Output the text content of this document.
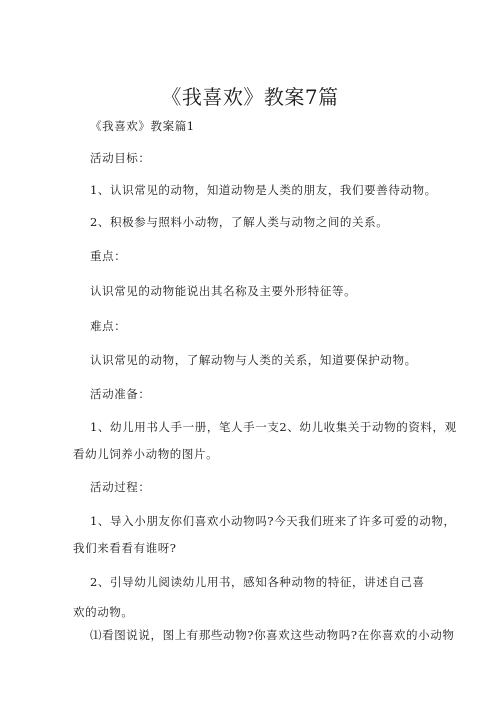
《我喜欢》教案7篇
《我喜欢》教案篇1
活动目标：
1、认识常见的动物，知道动物是人类的朋友，我们要善待动物。
2、积极参与照料小动物，了解人类与动物之间的关系。
重点：
认识常见的动物能说出其名称及主要外形特征等。
难点：
认识常见的动物，了解动物与人类的关系，知道要保护动物。
活动准备：
1、幼儿用书人手一册，笔人手一支2、幼儿收集关于动物的资料，观
看幼儿饲养小动物的图片。
活动过程：
1、导入小朋友你们喜欢小动物吗?今天我们班来了许多可爱的动物，
我们来看看有谁呀?
2、引导幼儿阅读幼儿用书，感知各种动物的特征，讲述自己喜
欢的动物。
⑴看图说说，图上有那些动物?你喜欢这些动物吗?在你喜欢的小动物
